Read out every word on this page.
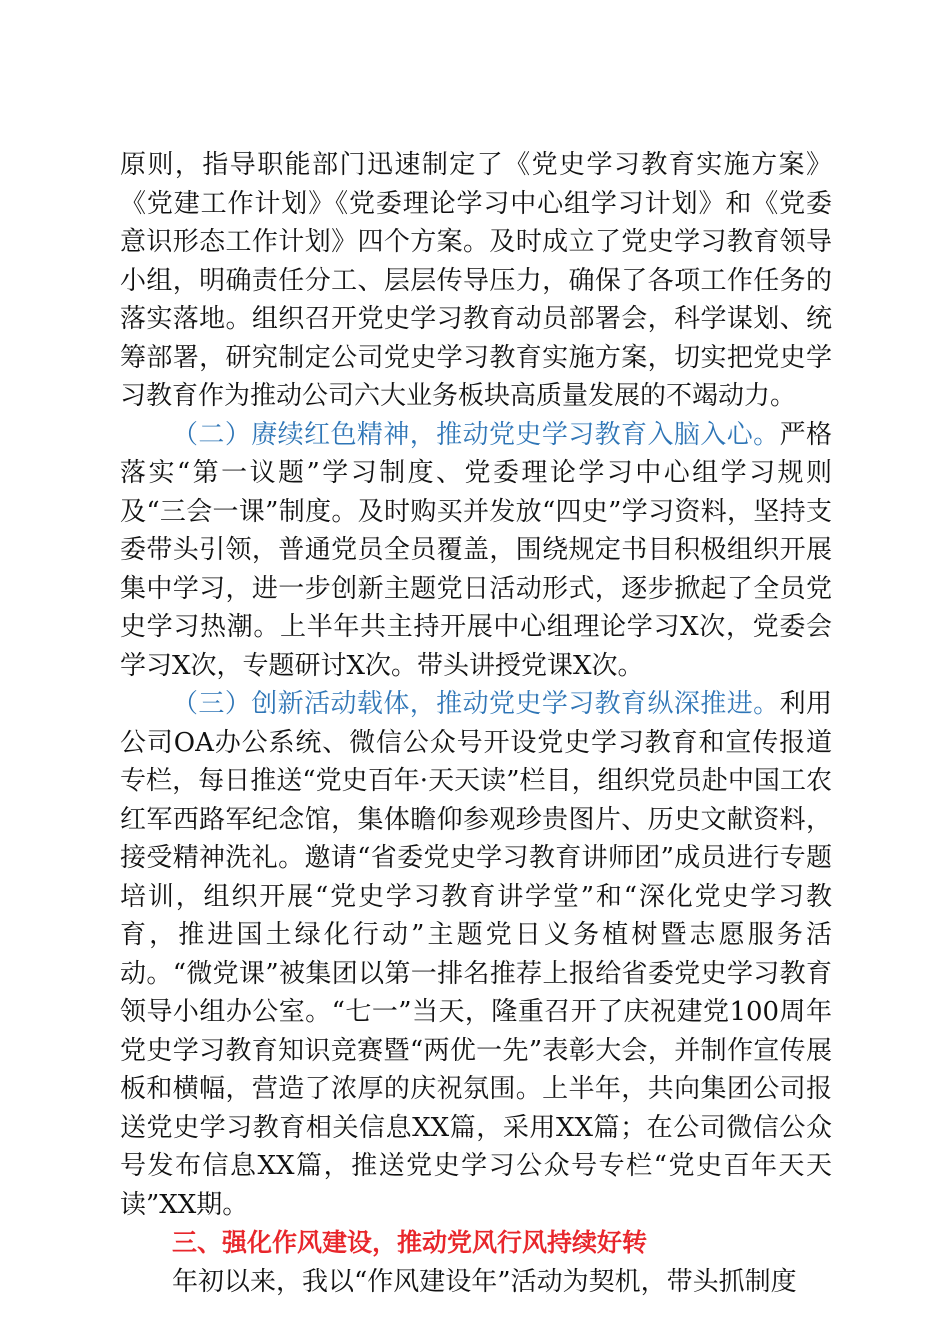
原则，指导职能部门迅速制定了《党史学习教育实施方案》《党建工作计划》《党委理论学习中心组学习计划》和《党委意识形态工作计划》四个方案。及时成立了党史学习教育领导小组，明确责任分工、层层传导压力，确保了各项工作任务的落实落地。组织召开党史学习教育动员部署会，科学谋划、统筹部署，研究制定公司党史学习教育实施方案，切实把党史学习教育作为推动公司六大业务板块高质量发展的不竭动力。

（二）赓续红色精神，推动党史学习教育入脑入心。严格落实“第一议题”学习制度、党委理论学习中心组学习规则及“三会一课”制度。及时购买并发放“四史”学习资料，坚持支委带头引领，普通党员全员覆盖，围绕规定书目积极组织开展集中学习，进一步创新主题党日活动形式，逐步掀起了全员党史学习热潮。上半年共主持开展中心组理论学习X次，党委会学习X次，专题研讨X次。带头讲授党课X次。

（三）创新活动载体，推动党史学习教育纵深推进。利用公司OA办公系统、微信公众号开设党史学习教育和宣传报道专栏，每日推送“党史百年·天天读”栏目，组织党员赴中国工农红军西路军纪念馆，集体瞻仰参观珍贵图片、历史文献资料，接受精神洗礼。邀请“省委党史学习教育讲师团”成员进行专题培训，组织开展“党史学习教育讲学堂”和“深化党史学习教育，推进国土绿化行动”主题党日义务植树暨志愿服务活动。“微党课”被集团以第一排名推荐上报给省委党史学习教育领导小组办公室。“七一”当天，隆重召开了庆祝建党100周年党史学习教育知识竞赛暨“两优一先”表彰大会，并制作宣传展板和横幅，营造了浓厚的庆祝氛围。上半年，共向集团公司报送党史学习教育相关信息XX篇，采用XX篇；在公司微信公众号发布信息XX篇，推送党史学习公众号专栏“党史百年天天读”XX期。

三、强化作风建设，推动党风行风持续好转

年初以来，我以“作风建设年”活动为契机，带头抓制度
